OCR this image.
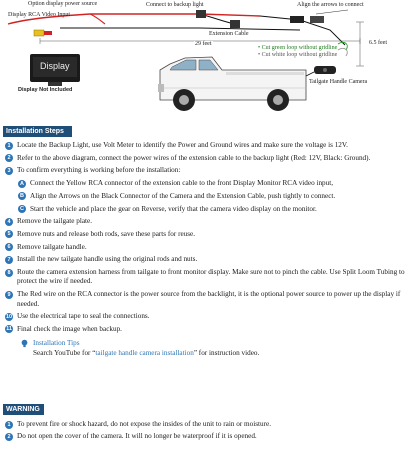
Option display power source	Connect to backup light	Align the arrows to connect
Display RCA Video Input
Extension Cable
29 feet	6.5 feet
• Cut green loop without gridline
• Cut white loop without gridline
Display
Display Not Included
Tailgate Handle Camera
Installation Steps
1 Locate the Backup Light, use Volt Meter to identify the Power and Ground wires and make sure the voltage is 12V.
2 Refer to the above diagram, connect the power wires of the extension cable to the backup light (Red: 12V, Black: Ground).
3 To confirm everything is working before the installation:
A Connect the Yellow RCA connector of the extension cable to the front Display Monitor RCA video input,
B Align the Arrows on the Black Connector of the Camera and the Extension Cable, push tightly to connect.
C Start the vehicle and place the gear on Reverse, verify that the camera video display on the monitor.
4 Remove the tailgate plate.
5 Remove nuts and release both rods, save these parts for reuse.
6 Remove tailgate handle.
7 Install the new tailgate handle using the original rods and nuts.
8 Route the camera extension harness from tailgate to front monitor display. Make sure not to pinch the cable. Use Split Loom Tubing to protect the wire if needed.
9 The Red wire on the RCA connector is the power source from the backlight, it is the optional power source to power up the display if needed.
10 Use the electrical tape to seal the connections.
11 Final check the image when backup.
Installation Tips
Search YouTube for “tailgate handle camera installation” for instruction video.
WARNING
1 To prevent fire or shock hazard, do not expose the insides of the unit to rain or moisture.
2 Do not open the cover of the camera. It will no longer be waterproof if it is opened.
